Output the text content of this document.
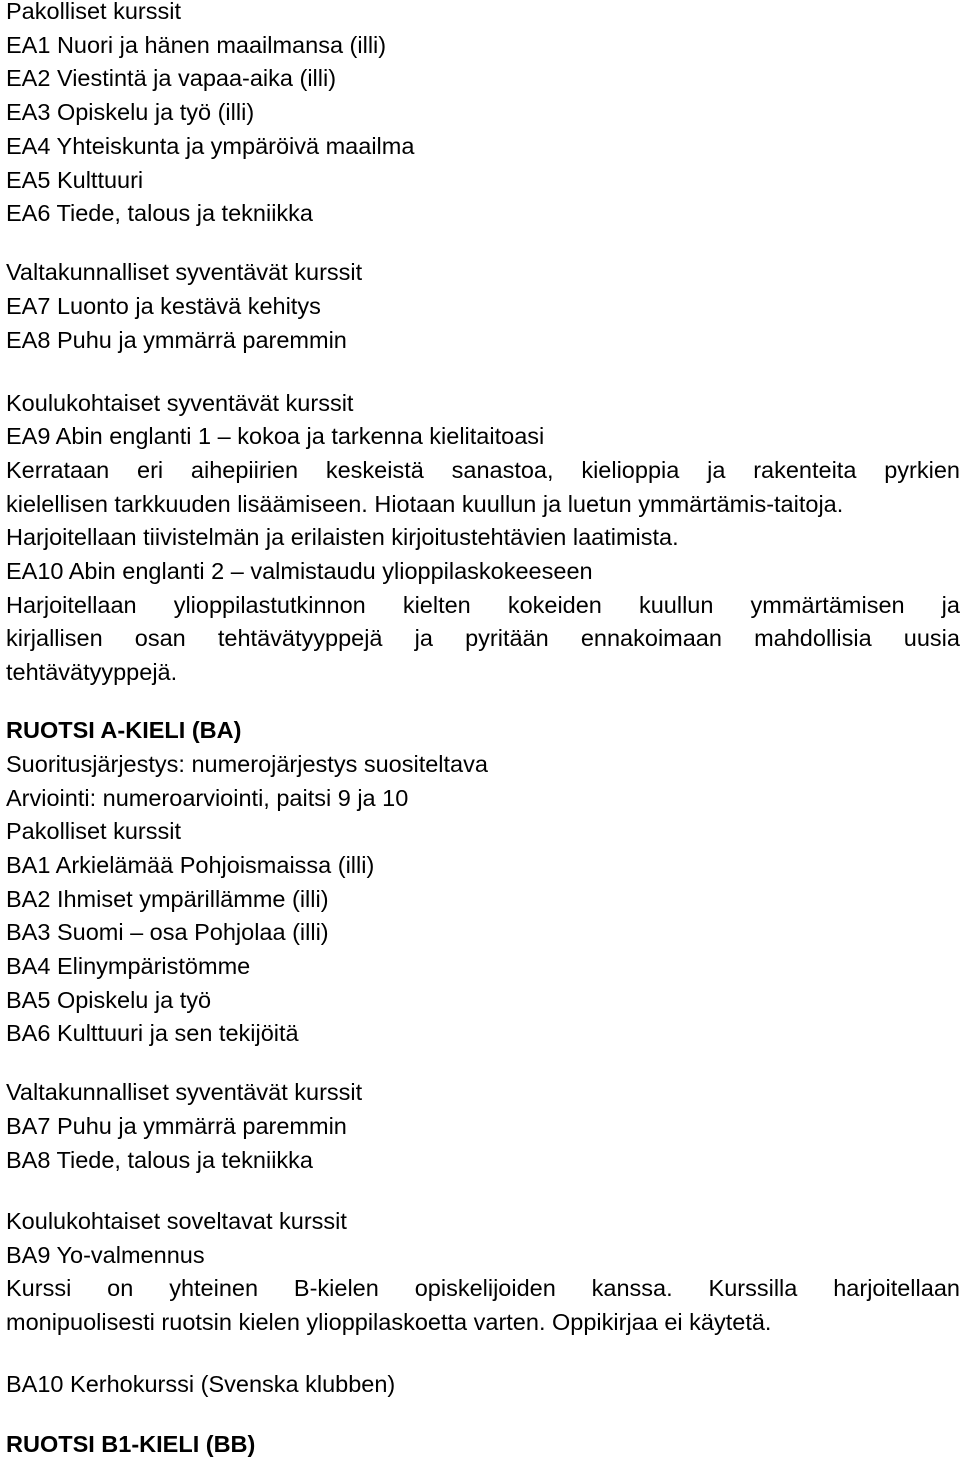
Pakolliset kurssit

EA1 Nuori ja hänen maailmansa (illi)

EA2 Viestintä ja vapaa-aika (illi)

EA3 Opiskelu ja työ (illi)

EA4 Yhteiskunta ja ympäröivä maailma

EA5 Kulttuuri

EA6 Tiede, talous ja tekniikka

Valtakunnalliset syventävät kurssit

EA7 Luonto ja kestävä kehitys

EA8 Puhu ja ymmärrä paremmin

Koulukohtaiset syventävät kurssit

EA9 Abin englanti 1 – kokoa ja tarkenna kielitaitoasi

Kerrataan eri aihepiirien keskeistä sanastoa, kielioppia ja rakenteita pyrkien

kielellisen tarkkuuden lisäämiseen. Hiotaan kuullun ja luetun ymmärtämis-taitoja.

Harjoitellaan tiivistelmän ja erilaisten kirjoitustehtävien laatimista.

EA10 Abin englanti 2 – valmistaudu ylioppilaskokeeseen

Harjoitellaan ylioppilastutkinnon kielten kokeiden kuullun ymmärtämisen ja
kirjallisen osan tehtävätyyppejä ja pyritään ennakoimaan mahdollisia uusia

tehtävätyyppejä.

RUOTSI A-KIELI (BA)

Suoritusjärjestys: numerojärjestys suositeltava

Arviointi: numeroarviointi, paitsi 9 ja 10

Pakolliset kurssit

BA1 Arkielämää Pohjoismaissa (illi)

BA2 Ihmiset ympärillämme (illi)

BA3 Suomi – osa Pohjolaa (illi)

BA4 Elinympäristömme

BA5 Opiskelu ja työ

BA6 Kulttuuri ja sen tekijöitä

Valtakunnalliset syventävät kurssit

BA7 Puhu ja ymmärrä paremmin

BA8 Tiede, talous ja tekniikka

Koulukohtaiset soveltavat kurssit

BA9 Yo-valmennus

Kurssi on yhteinen B-kielen opiskelijoiden kanssa. Kurssilla harjoitellaan

monipuolisesti ruotsin kielen ylioppilaskoetta varten. Oppikirjaa ei käytetä.

BA10 Kerhokurssi (Svenska klubben)

RUOTSI B1-KIELI (BB)
